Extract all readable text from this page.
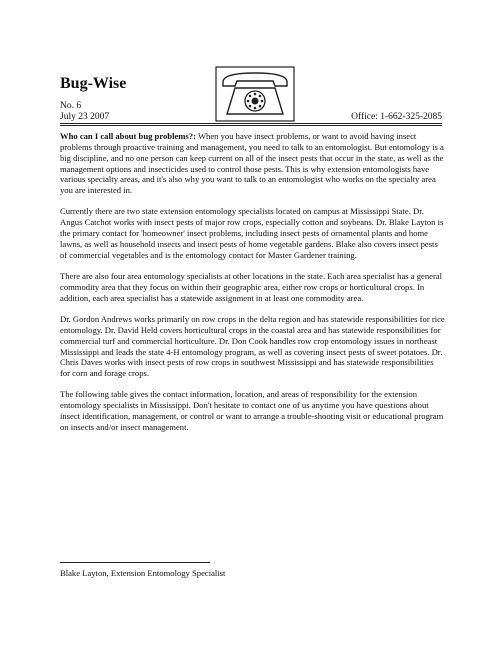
Bug-Wise
No. 6
July 23 2007	Office: 1-662-325-2085

Who can I call about bug problems?: When you have insect problems, or want to avoid having insect problems through proactive training and management, you need to talk to an entomologist. But entomology is a big discipline, and no one person can keep current on all of the insect pests that occur in the state, as well as the management options and insecticides used to control those pests. This is why extension entomologists have various specialty areas, and it's also why you want to talk to an entomologist who works on the specialty area you are interested in.

Currently there are two state extension entomology specialists located on campus at Mississippi State. Dr. Angus Catchot works with insect pests of major row crops, especially cotton and soybeans. Dr. Blake Layton is the primary contact for 'homeowner' insect problems, including insect pests of ornamental plants and home lawns, as well as household insects and insect pests of home vegetable gardens. Blake also covers insect pests of commercial vegetables and is the entomology contact for Master Gardener training.

There are also four area entomology specialists at other locations in the state. Each area specialist has a general commodity area that they focus on within their geographic area, either row crops or horticultural crops. In addition, each area specialist has a statewide assignment in at least one commodity area.

Dr. Gordon Andrews works primarily on row crops in the delta region and has statewide responsibilities for rice entomology. Dr. David Held covers horticultural crops in the coastal area and has statewide responsibilities for commercial turf and commercial horticulture. Dr. Don Cook handles row crop entomology issues in northeast Mississippi and leads the state 4-H entomology program, as well as covering insect pests of sweet potatoes. Dr. Chris Daves works with insect pests of row crops in southwest Mississippi and has statewide responsibilities for corn and forage crops.

The following table gives the contact information, location, and areas of responsibility for the extension entomology specialists in Mississippi. Don't hesitate to contact one of us anytime you have questions about insect identification, management, or control or want to arrange a trouble-shooting visit or educational program on insects and/or insect management.

Blake Layton, Extension Entomology Specialist
